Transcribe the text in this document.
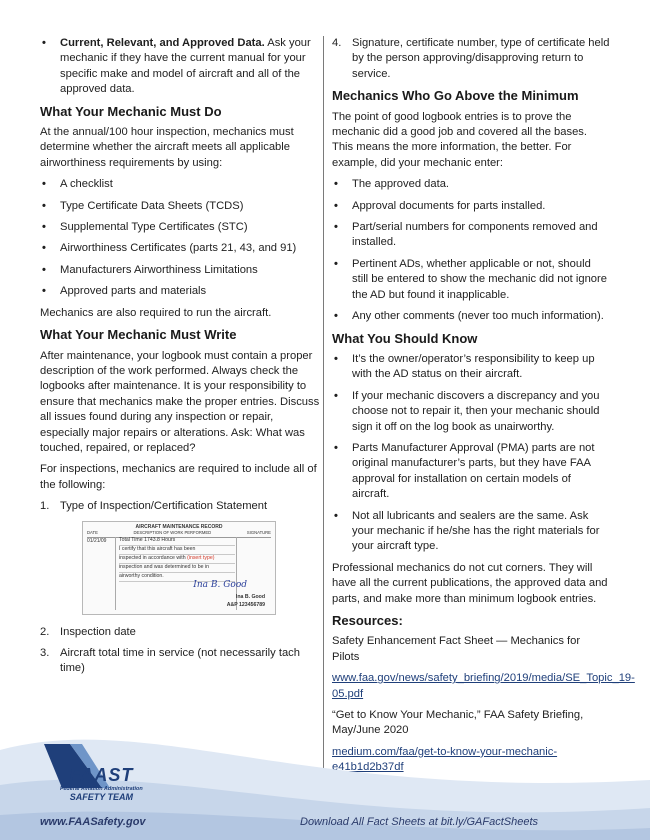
• Current, Relevant, and Approved Data. Ask your mechanic if they have the current manual for your specific make and model of aircraft and all of the approved data.
What Your Mechanic Must Do

At the annual/100 hour inspection, mechanics must determine whether the aircraft meets all applicable airworthiness requirements by using:

• A checklist
• Type Certificate Data Sheets (TCDS)
• Supplemental Type Certificates (STC)
• Airworthiness Certificates (parts 21, 43, and 91)
• Manufacturers Airworthiness Limitations
• Approved parts and materials

Mechanics are also required to run the aircraft.

What Your Mechanic Must Write

After maintenance, your logbook must contain a proper description of the work performed. Always check the logbooks after maintenance. It is your responsibility to ensure that mechanics make the proper entries. Discuss all issues found during any inspection or repair, especially major repairs or alterations. Ask: What was touched, repaired, or replaced?

For inspections, mechanics are required to include all of the following:

1. Type of Inspection/Certification Statement
AIRCRAFT MAINTENANCE RECORD
DATE	DESCRIPTION OF WORK PERFORMED	SIGNATURE
01/21/09 Total Time 1743.8 Hours
I certify that this aircraft has been
inspected in accordance with (insert type)
inspection and was determined to be in
airworthy condition.
Ina B. Good
Ina B. Good
A&P 123456789
2. Inspection date
3. Aircraft total time in service (not necessarily tach time)
4. Signature, certificate number, type of certificate held by the person approving/disapproving return to service.
Mechanics Who Go Above the Minimum

The point of good logbook entries is to prove the mechanic did a good job and covered all the bases. This means the more information, the better. For example, did your mechanic enter:

• The approved data.
• Approval documents for parts installed.
• Part/serial numbers for components removed and installed.
• Pertinent ADs, whether applicable or not, should still be entered to show the mechanic did not ignore the AD but found it inapplicable.
• Any other comments (never too much information).
What You Should Know
• It’s the owner/operator’s responsibility to keep up with the AD status on their aircraft.
• If your mechanic discovers a discrepancy and you choose not to repair it, then your mechanic should sign it off on the log book as unairworthy.
• Parts Manufacturer Approval (PMA) parts are not original manufacturer’s parts, but they have FAA approval for installation on certain models of aircraft.
• Not all lubricants and sealers are the same. Ask your mechanic if he/she has the right materials for your aircraft type.

Professional mechanics do not cut corners. They will have all the current publications, the approved data and parts, and make more than minimum logbook entries.

Resources:

Safety Enhancement Fact Sheet — Mechanics for Pilots

www.faa.gov/news/safety_briefing/2019/media/SE_Topic_19-05.pdf

“Get to Know Your Mechanic,” FAA Safety Briefing, May/June 2020

medium.com/faa/get-to-know-your-mechanic-e41b1d2b37df

FAAST
Federal Aviation Administration
SAFETY TEAM
www.FAASafety.gov	Download All Fact Sheets at bit.ly/GAFactSheets
